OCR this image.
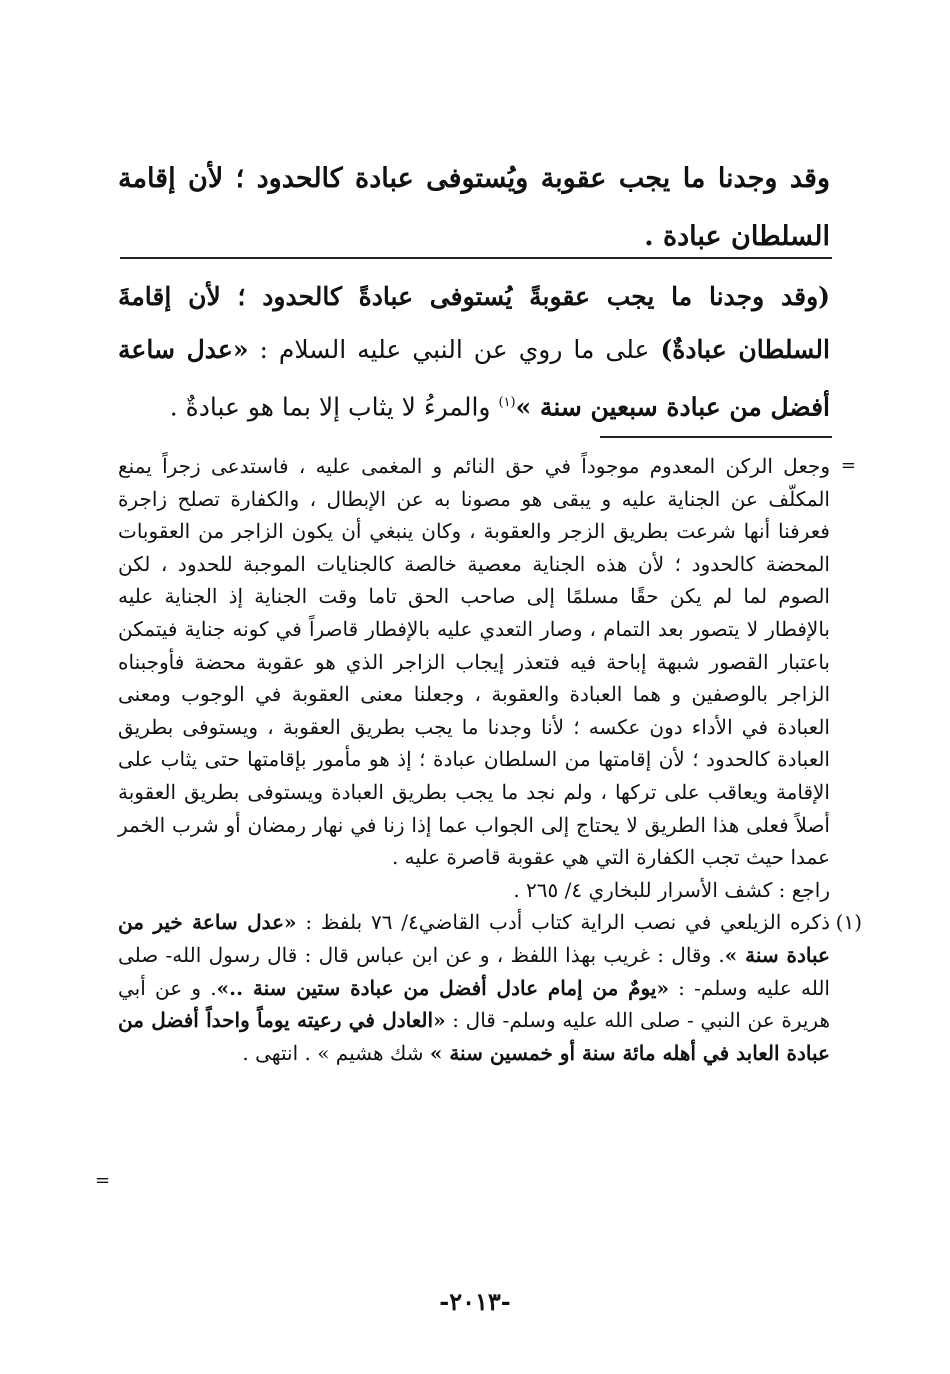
وقد وجدنا ما يجب عقوبة ويُستوفى عبادة كالحدود ؛ لأن إقامة السلطان عبادة .
(وقد وجدنا ما يجب عقوبةً يُستوفى عبادةً كالحدود ؛ لأن إقامةَ السلطان عبادةٌ) على ما روي عن النبي عليه السلام : «عدل ساعة أفضل من عبادة سبعين سنة »$^{(١)}$ والمرءُ لا يثاب إلا بما هو عبادةٌ .

=
وجعل الركن المعدوم موجوداً في حق النائم و المغمى عليه ، فاستدعى زجراً يمنع المكلّف عن الجناية عليه و يبقى هو مصونا به عن الإبطال ، والكفارة تصلح زاجرة فعرفنا أنها شرعت بطريق الزجر والعقوبة ، وكان ينبغي أن يكون الزاجر من العقوبات المحضة كالحدود ؛ لأن هذه الجناية معصية خالصة كالجنايات الموجبة للحدود ، لكن الصوم لما لم يكن حقًا مسلمًا إلى صاحب الحق تاما وقت الجناية إذ الجناية عليه بالإفطار لا يتصور بعد التمام ، وصار التعدي عليه بالإفطار قاصراً في كونه جناية فيتمكن باعتبار القصور شبهة إباحة فيه فتعذر إيجاب الزاجر الذي هو عقوبة محضة فأوجبناه الزاجر بالوصفين و هما العبادة والعقوبة ، وجعلنا معنى العقوبة في الوجوب ومعنى العبادة في الأداء دون عكسه ؛ لأنا وجدنا ما يجب بطريق العقوبة ، ويستوفى بطريق العبادة كالحدود ؛ لأن إقامتها من السلطان عبادة ؛ إذ هو مأمور بإقامتها حتى يثاب على الإقامة ويعاقب على تركها ، ولم نجد ما يجب بطريق العبادة ويستوفى بطريق العقوبة أصلاً فعلى هذا الطريق لا يحتاج إلى الجواب عما إذا زنا في نهار رمضان أو شرب الخمر عمدا حيث تجب الكفارة التي هي عقوبة قاصرة عليه .

راجع : كشف الأسرار للبخاري ٤/ ٢٦٥ .

(١)
ذكره الزيلعي في نصب الراية كتاب أدب القاضي٤/ ٧٦ بلفظ : «عدل ساعة خير من عبادة سنة ». وقال : غريب بهذا اللفظ ، و عن ابن عباس قال : قال رسول الله- صلى الله عليه وسلم- : «يومٌ من إمام عادل أفضل من عبادة ستين سنة ..». و عن أبي هريرة عن النبي - صلى الله عليه وسلم- قال : «العادل في رعيته يوماً واحداً أفضل من عبادة العابد في أهله مائة سنة أو خمسين سنة » شك هشيم » . انتهى .

=
-٢٠١٣-
